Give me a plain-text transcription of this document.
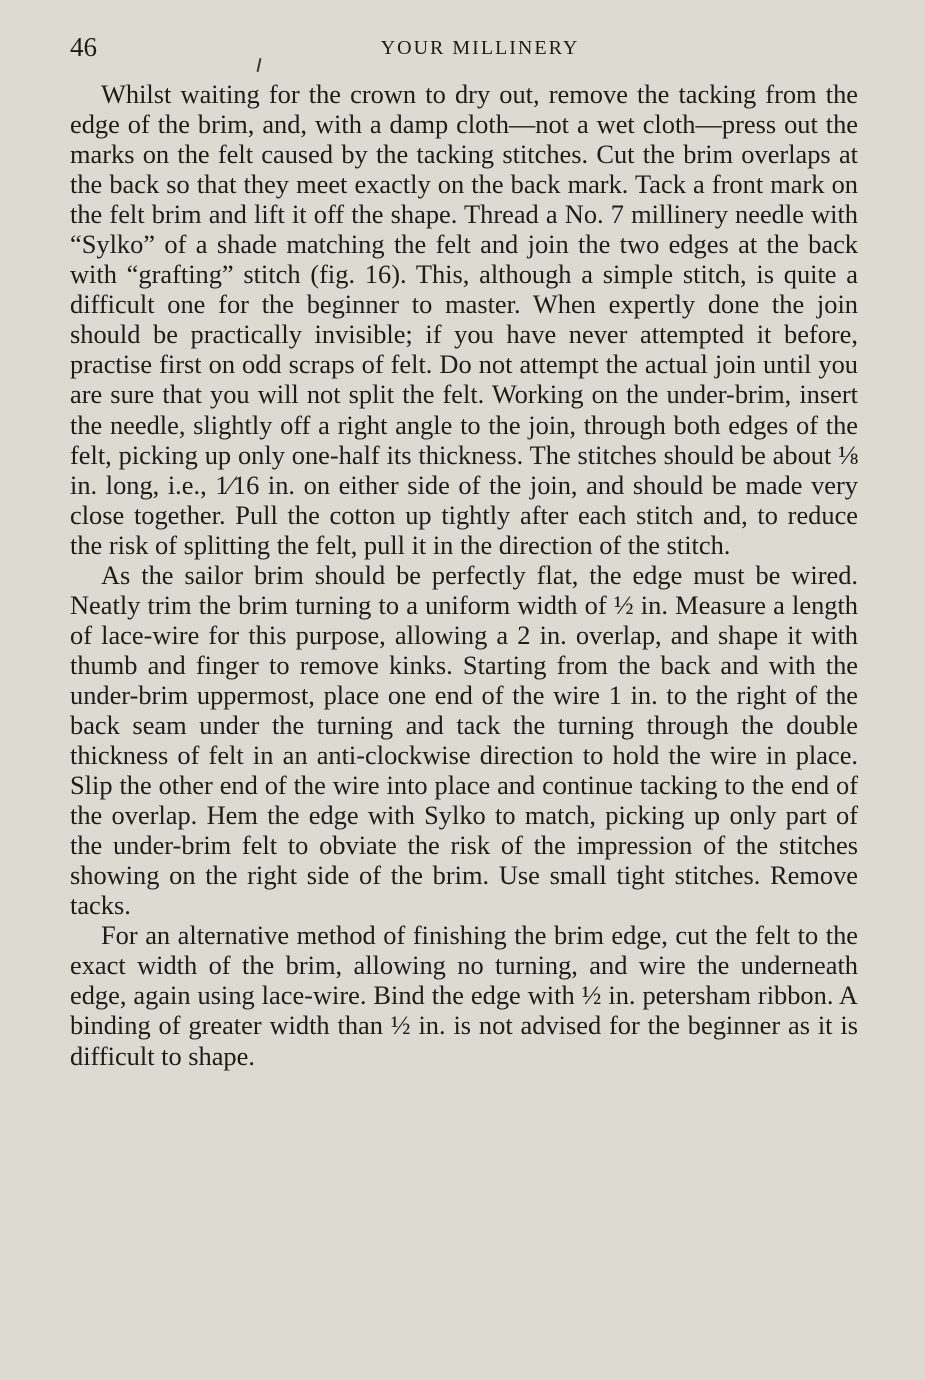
46	YOUR MILLINERY

Whilst waiting for the crown to dry out, remove the tacking from the edge of the brim, and, with a damp cloth—not a wet cloth—press out the marks on the felt caused by the tacking stitches. Cut the brim overlaps at the back so that they meet exactly on the back mark. Tack a front mark on the felt brim and lift it off the shape. Thread a No. 7 millinery needle with “Sylko” of a shade matching the felt and join the two edges at the back with “grafting” stitch (fig. 16). This, although a simple stitch, is quite a difficult one for the beginner to master. When expertly done the join should be practically invisible; if you have never attempted it before, practise first on odd scraps of felt. Do not attempt the actual join until you are sure that you will not split the felt. Working on the under-brim, insert the needle, slightly off a right angle to the join, through both edges of the felt, picking up only one-half its thickness. The stitches should be about ⅛ in. long, i.e., 1⁄16 in. on either side of the join, and should be made very close together. Pull the cotton up tightly after each stitch and, to reduce the risk of splitting the felt, pull it in the direction of the stitch.

As the sailor brim should be perfectly flat, the edge must be wired. Neatly trim the brim turning to a uniform width of ½ in. Measure a length of lace-wire for this purpose, allowing a 2 in. overlap, and shape it with thumb and finger to remove kinks. Starting from the back and with the under-brim uppermost, place one end of the wire 1 in. to the right of the back seam under the turning and tack the turning through the double thickness of felt in an anti-clockwise direction to hold the wire in place. Slip the other end of the wire into place and continue tacking to the end of the overlap. Hem the edge with Sylko to match, picking up only part of the under-brim felt to obviate the risk of the impression of the stitches showing on the right side of the brim. Use small tight stitches. Remove tacks.

For an alternative method of finishing the brim edge, cut the felt to the exact width of the brim, allowing no turning, and wire the underneath edge, again using lace-wire. Bind the edge with ½ in. petersham ribbon. A binding of greater width than ½ in. is not advised for the beginner as it is difficult to shape.
